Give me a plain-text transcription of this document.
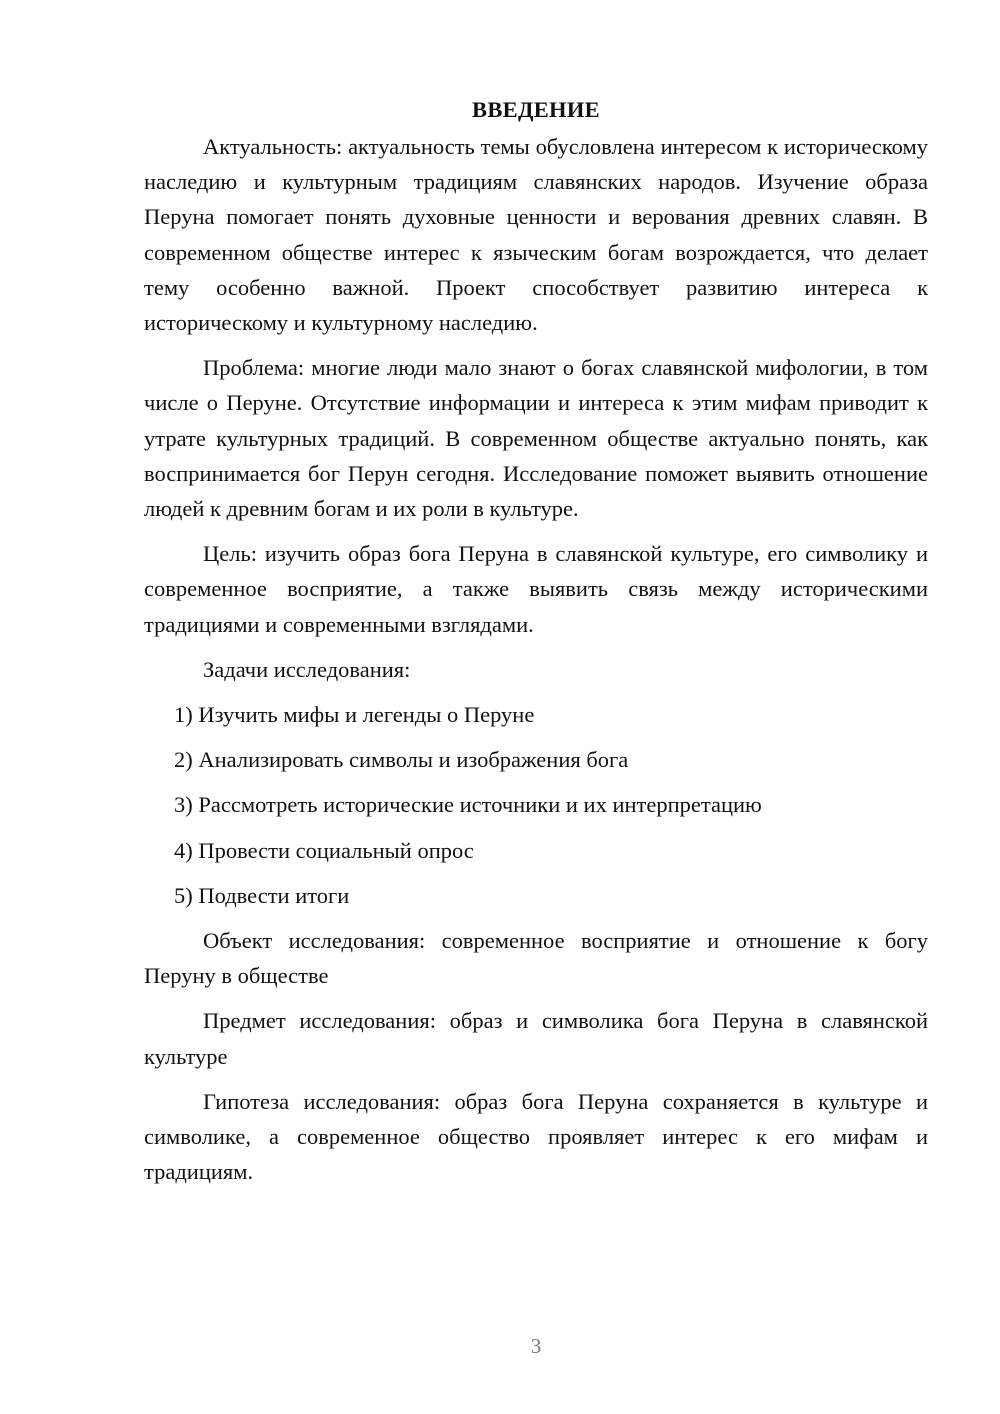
ВВЕДЕНИЕ

Актуальность: актуальность темы обусловлена интересом к историческому наследию и культурным традициям славянских народов. Изучение образа Перуна помогает понять духовные ценности и верования древних славян. В современном обществе интерес к языческим богам возрождается, что делает тему особенно важной. Проект способствует развитию интереса к историческому и культурному наследию.

Проблема: многие люди мало знают о богах славянской мифологии, в том числе о Перуне. Отсутствие информации и интереса к этим мифам приводит к утрате культурных традиций. В современном обществе актуально понять, как воспринимается бог Перун сегодня. Исследование поможет выявить отношение людей к древним богам и их роли в культуре.

Цель: изучить образ бога Перуна в славянской культуре, его символику и современное восприятие, а также выявить связь между историческими традициями и современными взглядами.

Задачи исследования:
1) Изучить мифы и легенды о Перуне
2) Анализировать символы и изображения бога
3) Рассмотреть исторические источники и их интерпретацию
4) Провести социальный опрос
5) Подвести итоги

Объект исследования: современное восприятие и отношение к богу Перуну в обществе

Предмет исследования: образ и символика бога Перуна в славянской культуре

Гипотеза исследования: образ бога Перуна сохраняется в культуре и символике, а современное общество проявляет интерес к его мифам и традициям.

3
